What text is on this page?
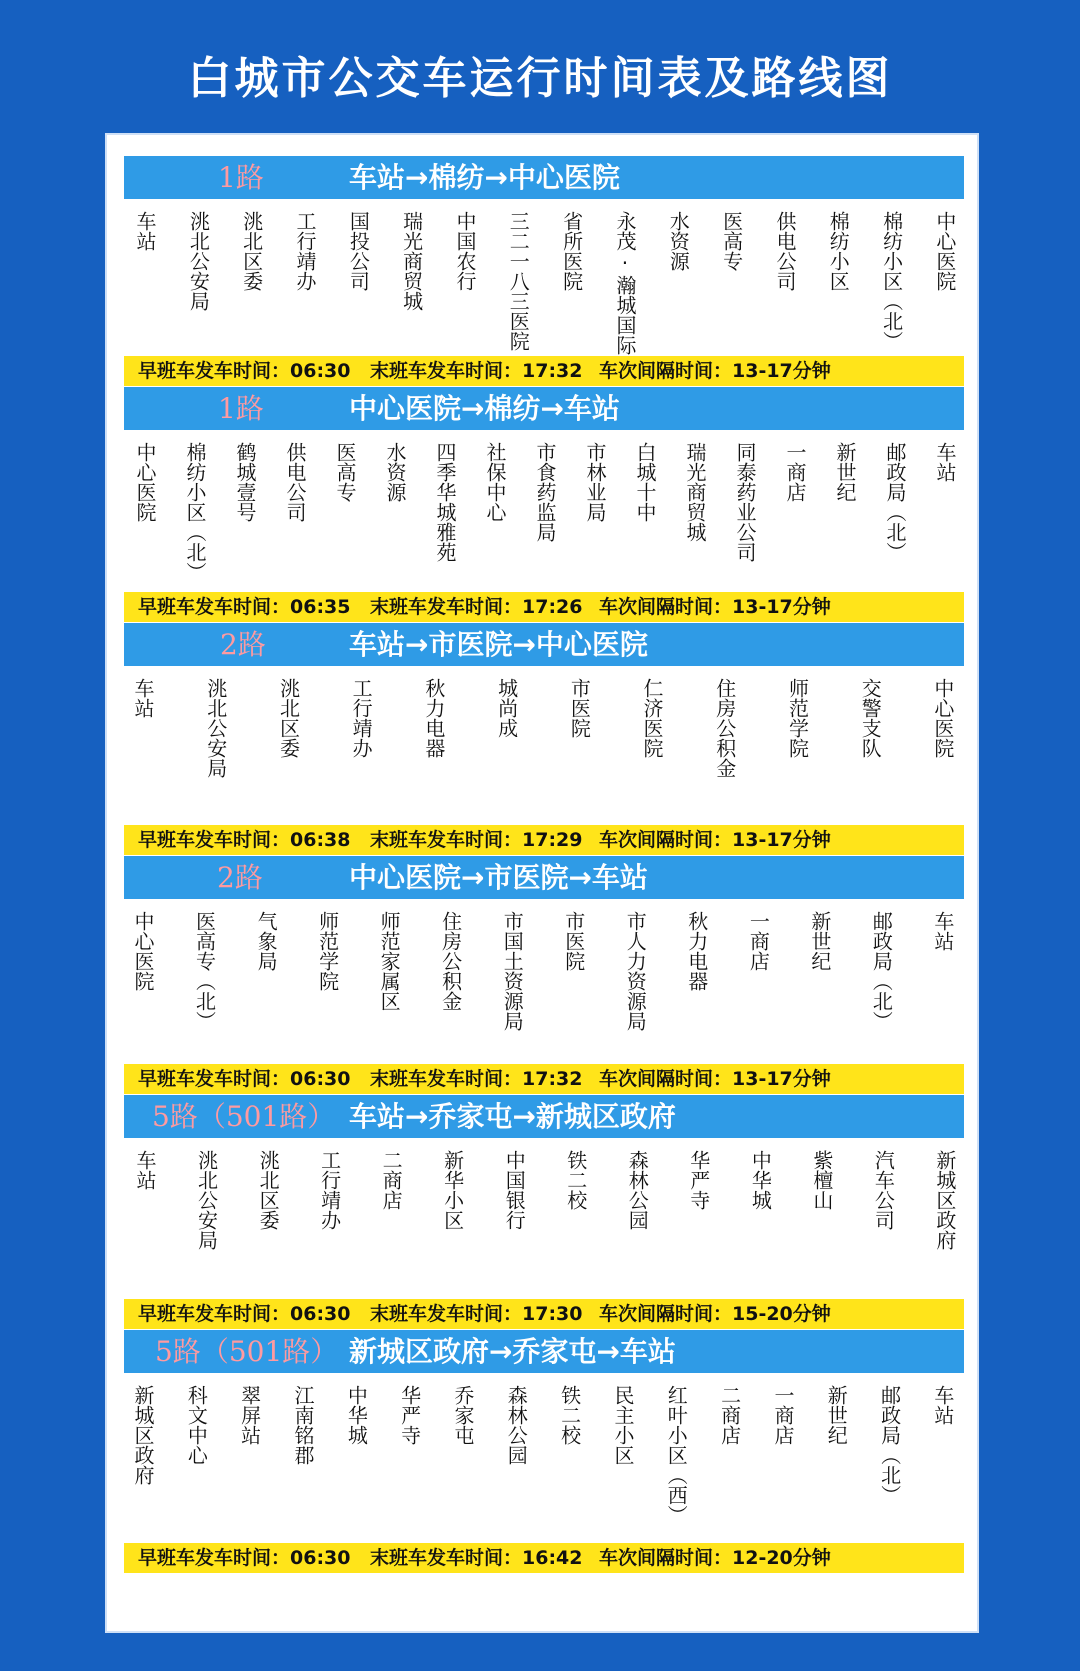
白城市公交车运行时间表及路线图
1路	车站→棉纺→中心医院
车站 洮北公安局 洮北区委 工行靖办 国投公司 瑞光商贸城 中国农行 三二一八三医院 省所医院 永茂·瀚城国际 水资源 医高专 供电公司 棉纺小区 棉纺小区（北） 中心医院
早班车发车时间：06:30 末班车发车时间：17:32 车次间隔时间：13-17分钟
1路	中心医院→棉纺→车站
中心医院 棉纺小区（北） 鹤城壹号 供电公司 医高专 水资源 四季华城雅苑 社保中心 市食药监局 市林业局 白城十中 瑞光商贸城 同泰药业公司 一商店 新世纪 邮政局（北） 车站
早班车发车时间：06:35 末班车发车时间：17:26 车次间隔时间：13-17分钟
2路	车站→市医院→中心医院
车站 洮北公安局 洮北区委 工行靖办 秋力电器 城尚成 市医院 仁济医院 住房公积金 师范学院 交警支队 中心医院
早班车发车时间：06:38 末班车发车时间：17:29 车次间隔时间：13-17分钟
2路	中心医院→市医院→车站
中心医院 医高专（北） 气象局 师范学院 师范家属区 住房公积金 市国土资源局 市医院 市人力资源局 秋力电器 一商店 新世纪 邮政局（北） 车站
早班车发车时间：06:30 末班车发车时间：17:32 车次间隔时间：13-17分钟
5路（501路） 车站→乔家屯→新城区政府
车站 洮北公安局 洮北区委 工行靖办 二商店 新华小区 中国银行 铁二校 森林公园 华严寺 中华城 紫檀山 汽车公司 新城区政府
早班车发车时间：06:30 末班车发车时间：17:30 车次间隔时间：15-20分钟
5路（501路） 新城区政府→乔家屯→车站
新城区政府 科文中心 翠屏站 江南铭郡 中华城 华严寺 乔家屯 森林公园 铁二校 民主小区 红叶小区（西） 二商店 一商店 新世纪 邮政局（北） 车站
早班车发车时间：06:30 末班车发车时间：16:42 车次间隔时间：12-20分钟
